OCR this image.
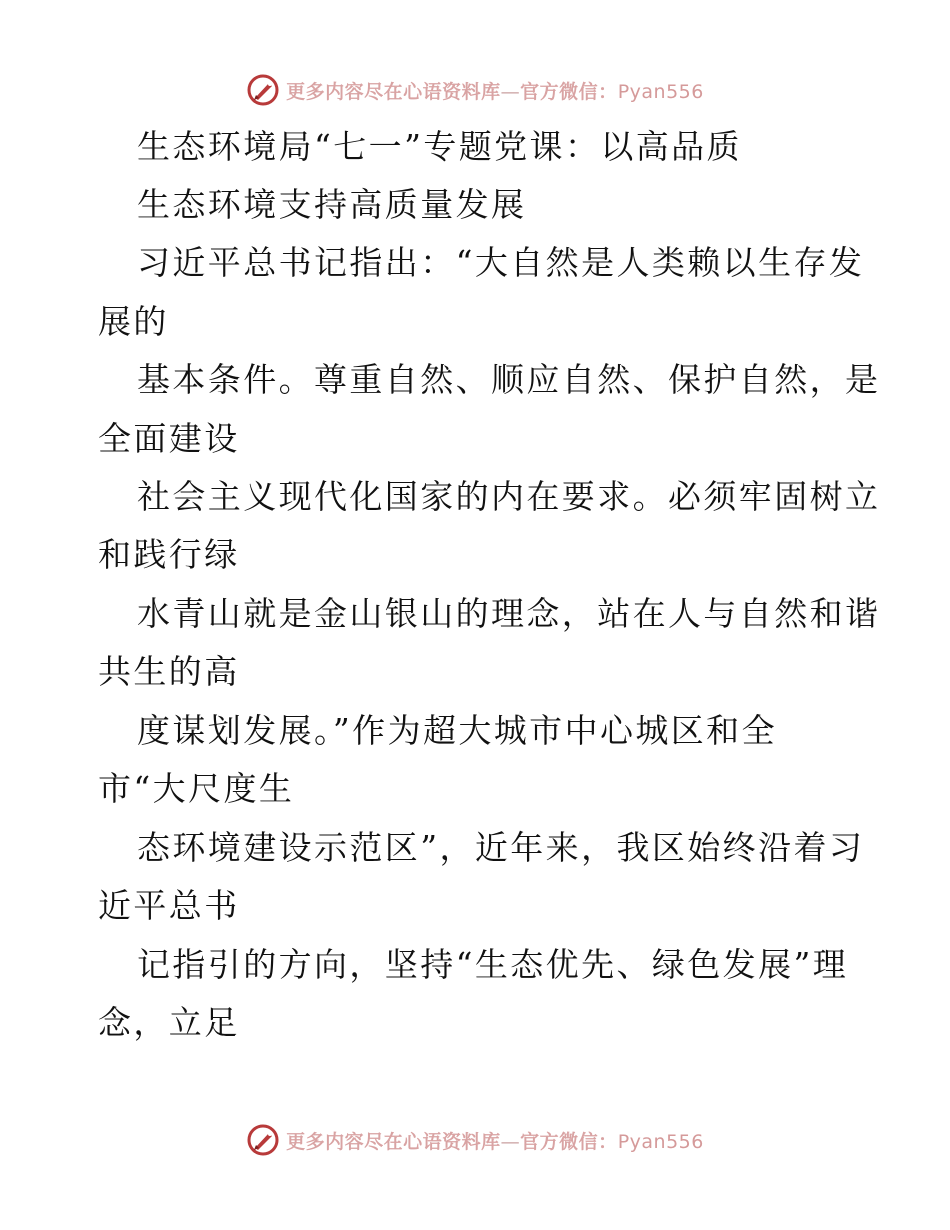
更多内容尽在心语资料库—官方微信：Pyan556
生态环境局“七一”专题党课：以高品质
生态环境支持高质量发展
习近平总书记指出：“大自然是人类赖以生存发
展的
基本条件。尊重自然、顺应自然、保护自然，是
全面建设
社会主义现代化国家的内在要求。必须牢固树立
和践行绿
水青山就是金山银山的理念，站在人与自然和谐
共生的高
度谋划发展。”作为超大城市中心城区和全
市“大尺度生
态环境建设示范区”，近年来，我区始终沿着习
近平总书
记指引的方向，坚持“生态优先、绿色发展”理
念，立足
更多内容尽在心语资料库—官方微信：Pyan556
